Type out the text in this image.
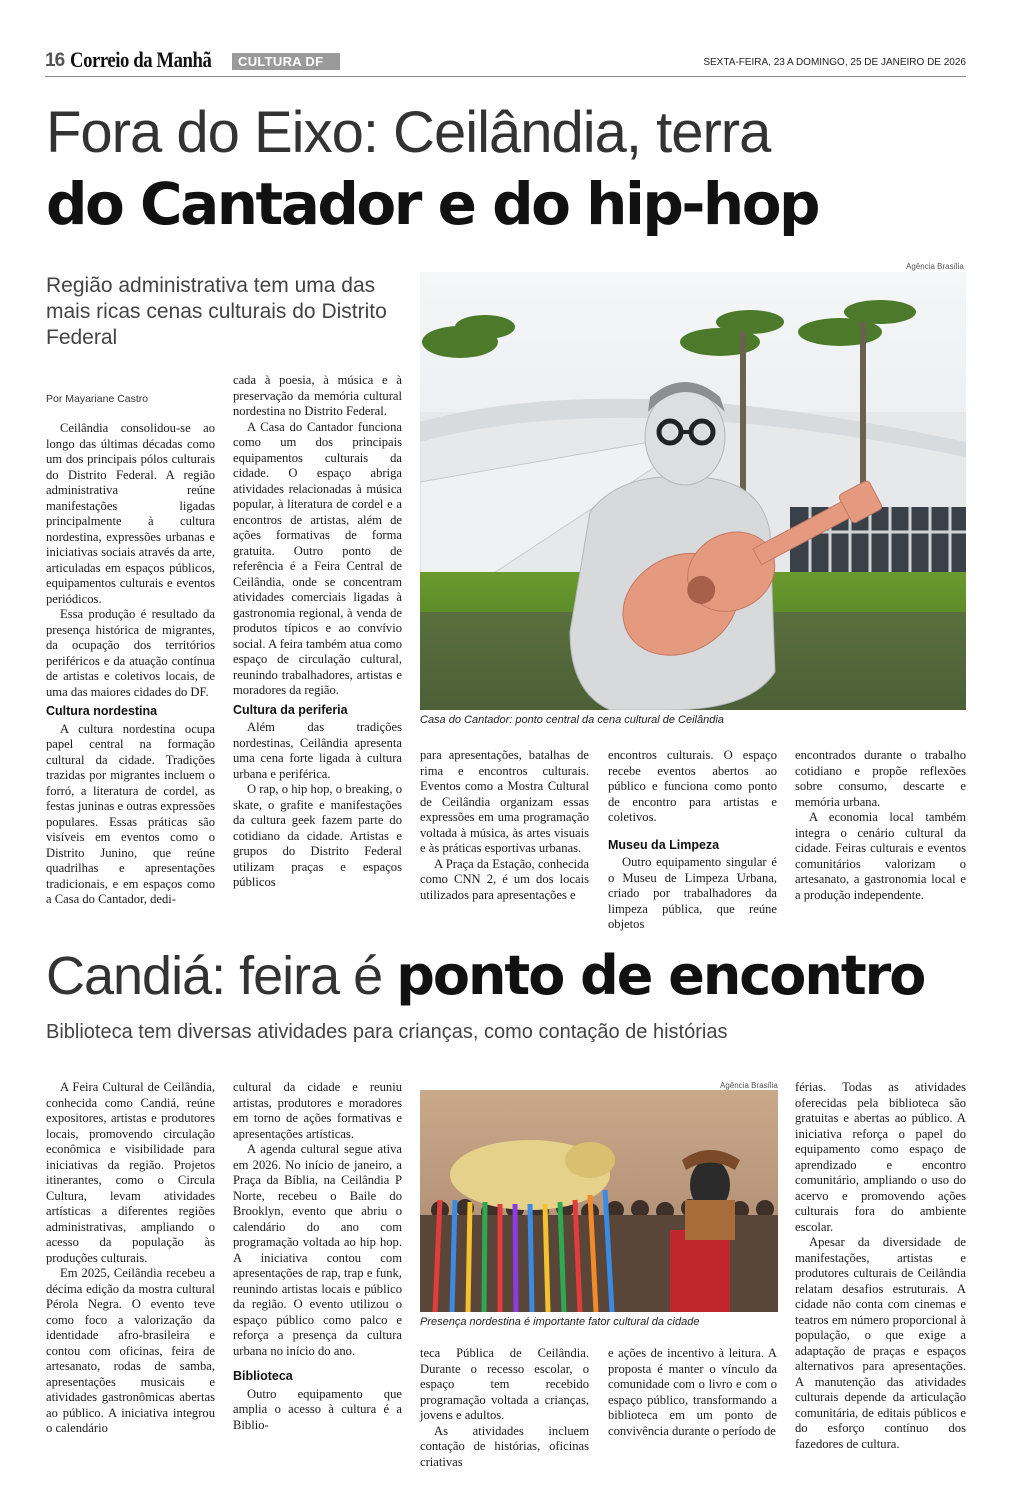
16 Correio da Manhã	CULTURA DF	SEXTA-FEIRA, 23 A DOMINGO, 25 DE JANEIRO DE 2026
Fora do Eixo: Ceilândia, terra
do Cantador e do hip-hop
Região administrativa tem uma das mais ricas cenas culturais do Distrito Federal
Agência Brasília
Casa do Cantador: ponto central da cena cultural de Ceilândia
Por Mayariane Castro

Ceilândia consolidou-se ao longo das últimas décadas como um dos principais pólos culturais do Distrito Federal. A região administrativa reúne manifestações ligadas principalmente à cultura nordestina, expressões urbanas e iniciativas sociais através da arte, articuladas em espaços públicos, equipamentos culturais e eventos periódicos.

Essa produção é resultado da presença histórica de migrantes, da ocupação dos territórios periféricos e da atuação contínua de artistas e coletivos locais, de uma das maiores cidades do DF.

Cultura nordestina

A cultura nordestina ocupa papel central na formação cultural da cidade. Tradições trazidas por migrantes incluem o forró, a literatura de cordel, as festas juninas e outras expressões populares. Essas práticas são visíveis em eventos como o Distrito Junino, que reúne quadrilhas e apresentações tradicionais, e em espaços como a Casa do Cantador, dedi-

cada à poesia, à música e à preservação da memória cultural nordestina no Distrito Federal.

A Casa do Cantador funciona como um dos principais equipamentos culturais da cidade. O espaço abriga atividades relacionadas à música popular, à literatura de cordel e a encontros de artistas, além de ações formativas de forma gratuita. Outro ponto de referência é a Feira Central de Ceilândia, onde se concentram atividades comerciais ligadas à gastronomia regional, à venda de produtos típicos e ao convívio social. A feira também atua como espaço de circulação cultural, reunindo trabalhadores, artistas e moradores da região.

Cultura da periferia

Além das tradições nordestinas, Ceilândia apresenta uma cena forte ligada à cultura urbana e periférica.

O rap, o hip hop, o breaking, o skate, o grafite e manifestações da cultura geek fazem parte do cotidiano da cidade. Artistas e grupos do Distrito Federal utilizam praças e espaços públicos

para apresentações, batalhas de rima e encontros culturais. Eventos como a Mostra Cultural de Ceilândia organizam essas expressões em uma programação voltada à música, às artes visuais e às práticas esportivas urbanas.

A Praça da Estação, conhecida como CNN 2, é um dos locais utilizados para apresentações e

encontros culturais. O espaço recebe eventos abertos ao público e funciona como ponto de encontro para artistas e coletivos.

Museu da Limpeza

Outro equipamento singular é o Museu de Limpeza Urbana, criado por trabalhadores da limpeza pública, que reúne objetos

encontrados durante o trabalho cotidiano e propõe reflexões sobre consumo, descarte e memória urbana.

A economia local também integra o cenário cultural da cidade. Feiras culturais e eventos comunitários valorizam o artesanato, a gastronomia local e a produção independente.

Candiá: feira é ponto de encontro
Biblioteca tem diversas atividades para crianças, como contação de histórias
Agência Brasília
Presença nordestina é importante fator cultural da cidade

A Feira Cultural de Ceilândia, conhecida como Candiá, reúne expositores, artistas e produtores locais, promovendo circulação econômica e visibilidade para iniciativas da região. Projetos itinerantes, como o Circula Cultura, levam atividades artísticas a diferentes regiões administrativas, ampliando o acesso da população às produções culturais.

Em 2025, Ceilândia recebeu a décima edição da mostra cultural Pérola Negra. O evento teve como foco a valorização da identidade afro-brasileira e contou com oficinas, feira de artesanato, rodas de samba, apresentações musicais e atividades gastronômicas abertas ao público. A iniciativa integrou o calendário

cultural da cidade e reuniu artistas, produtores e moradores em torno de ações formativas e apresentações artísticas.

A agenda cultural segue ativa em 2026. No início de janeiro, a Praça da Bíblia, na Ceilândia P Norte, recebeu o Baile do Brooklyn, evento que abriu o calendário do ano com programação voltada ao hip hop. A iniciativa contou com apresentações de rap, trap e funk, reunindo artistas locais e público da região. O evento utilizou o espaço público como palco e reforça a presença da cultura urbana no início do ano.

Biblioteca

Outro equipamento que amplia o acesso à cultura é a Biblio-

teca Pública de Ceilândia. Durante o recesso escolar, o espaço tem recebido programação voltada a crianças, jovens e adultos.

As atividades incluem contação de histórias, oficinas criativas

e ações de incentivo à leitura. A proposta é manter o vínculo da comunidade com o livro e com o espaço público, transformando a biblioteca em um ponto de convivência durante o período de

férias. Todas as atividades oferecidas pela biblioteca são gratuitas e abertas ao público. A iniciativa reforça o papel do equipamento como espaço de aprendizado e encontro comunitário, ampliando o uso do acervo e promovendo ações culturais fora do ambiente escolar.

Apesar da diversidade de manifestações, artistas e produtores culturais de Ceilândia relatam desafios estruturais. A cidade não conta com cinemas e teatros em número proporcional à população, o que exige a adaptação de praças e espaços alternativos para apresentações. A manutenção das atividades culturais depende da articulação comunitária, de editais públicos e do esforço contínuo dos fazedores de cultura.
